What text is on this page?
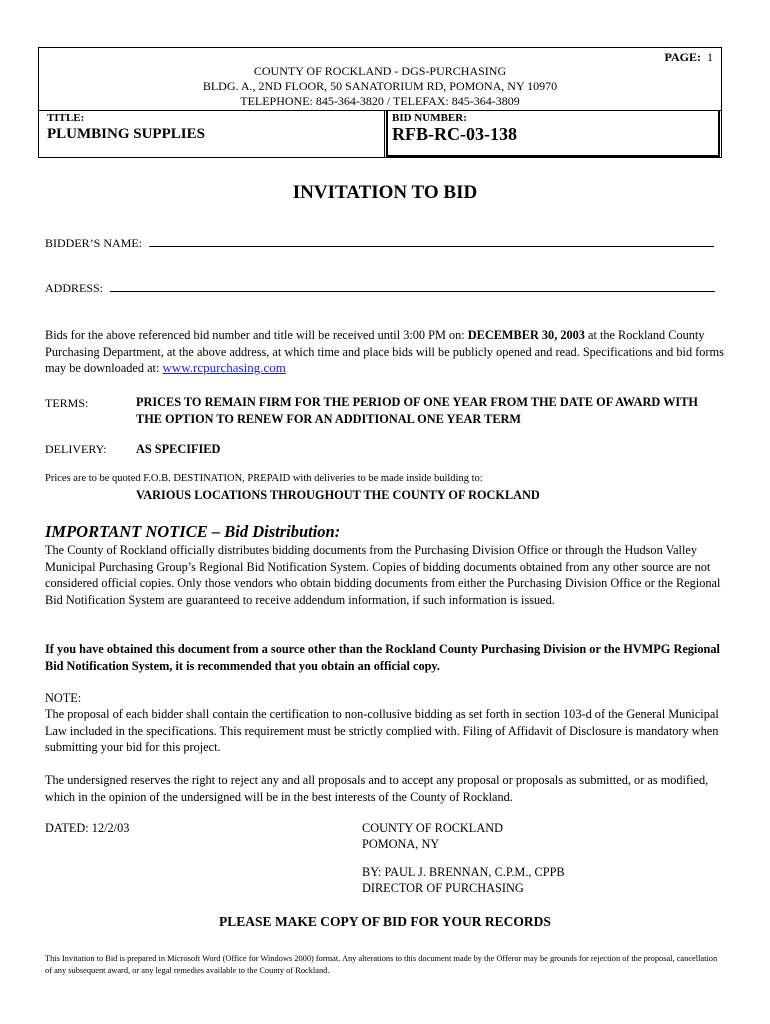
PAGE: 1
COUNTY OF ROCKLAND - DGS-PURCHASING
BLDG. A., 2ND FLOOR, 50 SANATORIUM RD, POMONA, NY 10970
TELEPHONE: 845-364-3820 / TELEFAX: 845-364-3809
TITLE:
PLUMBING SUPPLIES
BID NUMBER:
RFB-RC-03-138
INVITATION TO BID
BIDDER’S NAME:
ADDRESS:
Bids for the above referenced bid number and title will be received until 3:00 PM on: DECEMBER 30, 2003 at the Rockland County Purchasing Department, at the above address, at which time and place bids will be publicly opened and read. Specifications and bid forms may be downloaded at: www.rcpurchasing.com
TERMS:	PRICES TO REMAIN FIRM FOR THE PERIOD OF ONE YEAR FROM THE DATE OF AWARD WITH THE OPTION TO RENEW FOR AN ADDITIONAL ONE YEAR TERM
DELIVERY: AS SPECIFIED
Prices are to be quoted F.O.B. DESTINATION, PREPAID with deliveries to be made inside building to:
VARIOUS LOCATIONS THROUGHOUT THE COUNTY OF ROCKLAND
IMPORTANT NOTICE – Bid Distribution:
The County of Rockland officially distributes bidding documents from the Purchasing Division Office or through the Hudson Valley Municipal Purchasing Group’s Regional Bid Notification System. Copies of bidding documents obtained from any other source are not considered official copies. Only those vendors who obtain bidding documents from either the Purchasing Division Office or the Regional Bid Notification System are guaranteed to receive addendum information, if such information is issued.
If you have obtained this document from a source other than the Rockland County Purchasing Division or the HVMPG Regional Bid Notification System, it is recommended that you obtain an official copy.
NOTE:
The proposal of each bidder shall contain the certification to non-collusive bidding as set forth in section 103-d of the General Municipal Law included in the specifications. This requirement must be strictly complied with. Filing of Affidavit of Disclosure is mandatory when submitting your bid for this project.
The undersigned reserves the right to reject any and all proposals and to accept any proposal or proposals as submitted, or as modified, which in the opinion of the undersigned will be in the best interests of the County of Rockland.
DATED: 12/2/03	COUNTY OF ROCKLAND
POMONA, NY
BY: PAUL J. BRENNAN, C.P.M., CPPB
DIRECTOR OF PURCHASING
PLEASE MAKE COPY OF BID FOR YOUR RECORDS
This Invitation to Bid is prepared in Microsoft Word (Office for Windows 2000) format. Any alterations to this document made by the Offeror may be grounds for rejection of the proposal, cancellation of any subsequent award, or any legal remedies available to the County of Rockland.
